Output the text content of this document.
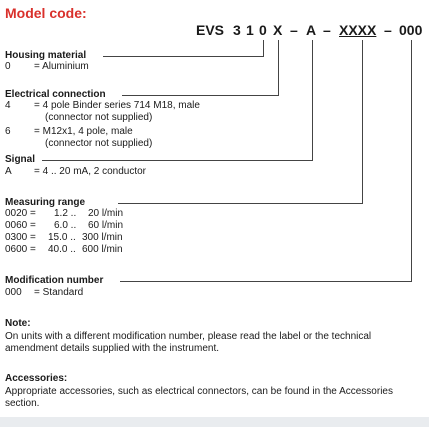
Model code:
EVS 3 1 0 X – A – XXXX – 000
Housing material
0 = Aluminium
Electrical connection
4 = 4 pole Binder series 714 M18, male
(connector not supplied)
6 = M12x1, 4 pole, male
(connector not supplied)
Signal
A = 4 .. 20 mA, 2 conductor
Measuring range
0020 = 1.2 .. 20 l/min
0060 = 6.0 .. 60 l/min
0300 = 15.0 .. 300 l/min
0600 = 40.0 .. 600 l/min
Modification number
000 = Standard
Note:
On units with a different modification number, please read the label or the technical amendment details supplied with the instrument.
Accessories:
Appropriate accessories, such as electrical connectors, can be found in the Accessories section.
